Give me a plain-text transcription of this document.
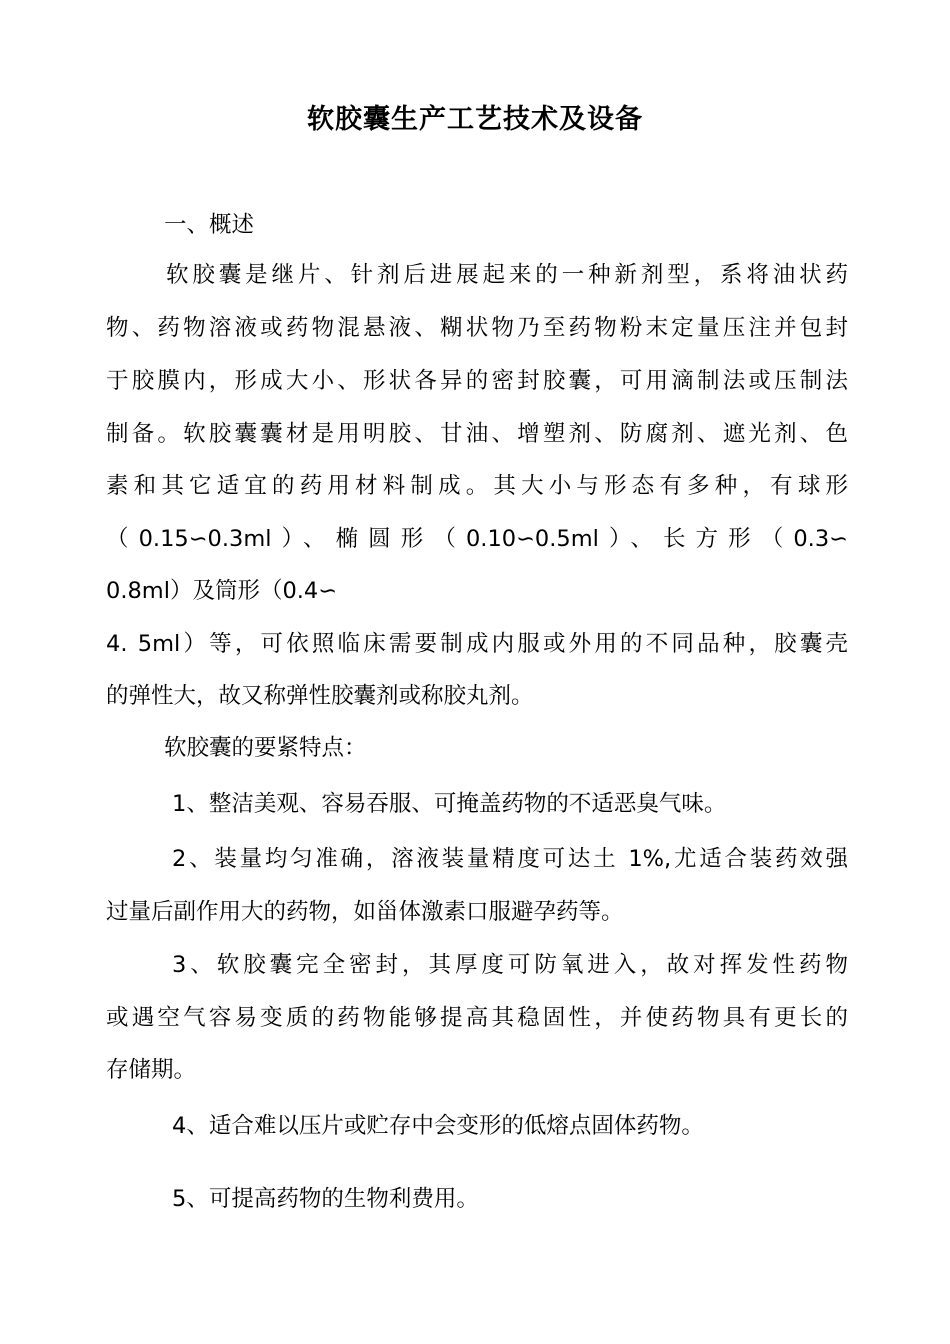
软胶囊生产工艺技术及设备
一、概述
软胶囊是继片、针剂后进展起来的一种新剂型，系将油状药
物、药物溶液或药物混悬液、糊状物乃至药物粉末定量压注并包封
于胶膜内，形成大小、形状各异的密封胶囊，可用滴制法或压制法
制备。软胶囊囊材是用明胶、甘油、增塑剂、防腐剂、遮光剂、色
素和其它适宜的药用材料制成。其大小与形态有多种，有球形
（0.15∽0.3ml）、椭圆形（0.10∽0.5ml）、长方形（0.3∽
0.8ml）及筒形（0.4∽
4. 5ml）等，可依照临床需要制成内服或外用的不同品种，胶囊壳
的弹性大，故又称弹性胶囊剂或称胶丸剂。
软胶囊的要紧特点：
1、整洁美观、容易吞服、可掩盖药物的不适恶臭气味。
2、装量均匀准确，溶液装量精度可达土 1%,尤适合装药效强
过量后副作用大的药物，如甾体激素口服避孕药等。
3、软胶囊完全密封，其厚度可防氧进入，故对挥发性药物
或遇空气容易变质的药物能够提高其稳固性，并使药物具有更长的
存储期。
4、适合难以压片或贮存中会变形的低熔点固体药物。
5、可提高药物的生物利费用。
